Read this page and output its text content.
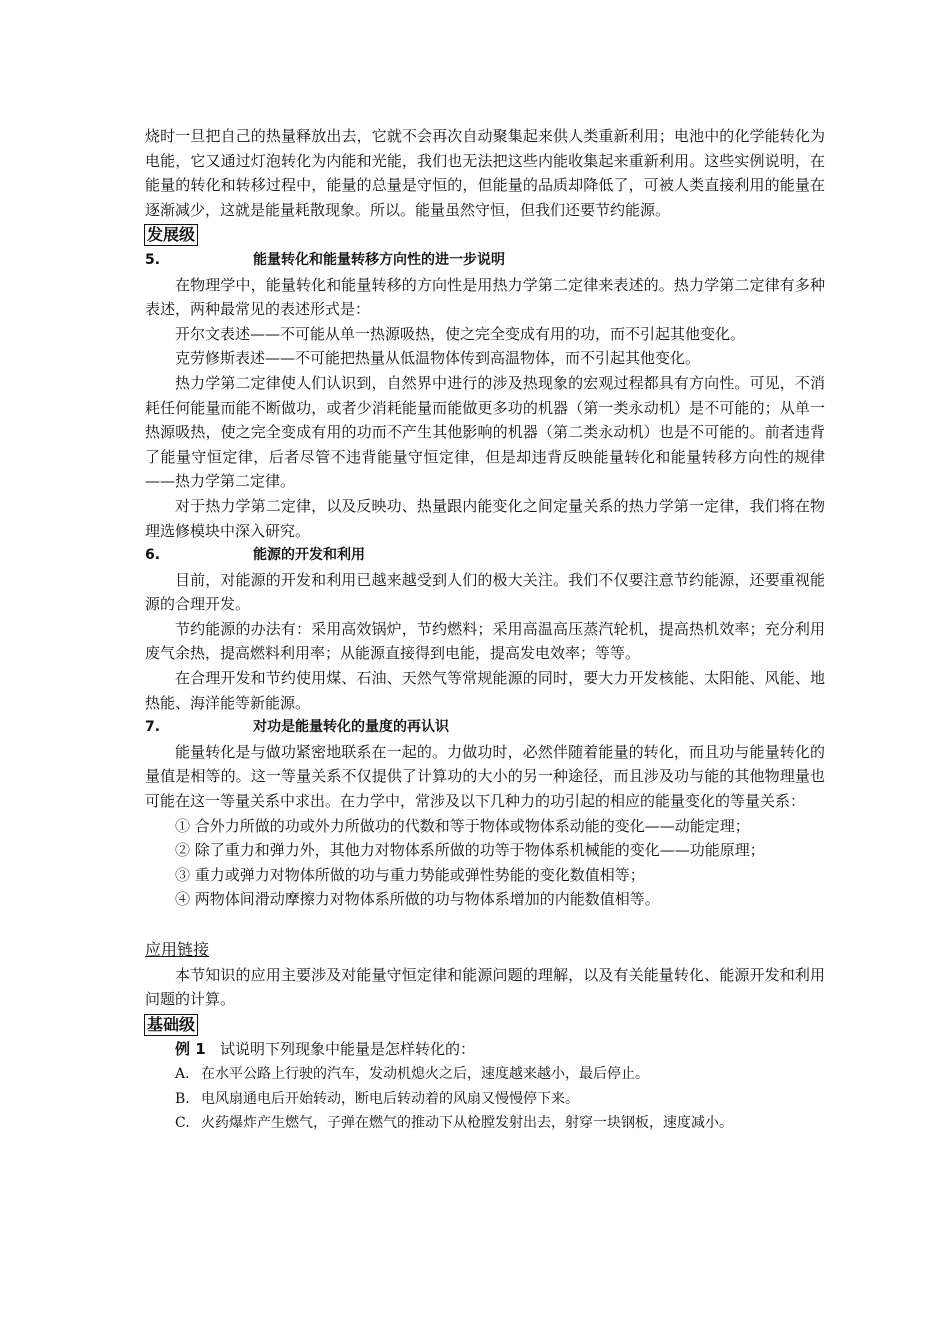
烧时一旦把自己的热量释放出去，它就不会再次自动聚集起来供人类重新利用；电池中的化学能转化为电能，它又通过灯泡转化为内能和光能，我们也无法把这些内能收集起来重新利用。这些实例说明，在能量的转化和转移过程中，能量的总量是守恒的，但能量的品质却降低了，可被人类直接利用的能量在逐渐减少，这就是能量耗散现象。所以。能量虽然守恒，但我们还要节约能源。

发展级
5.	能量转化和能量转移方向性的进一步说明

在物理学中，能量转化和能量转移的方向性是用热力学第二定律来表述的。热力学第二定律有多种表述，两种最常见的表述形式是：

开尔文表述——不可能从单一热源吸热，使之完全变成有用的功，而不引起其他变化。

克劳修斯表述——不可能把热量从低温物体传到高温物体，而不引起其他变化。

热力学第二定律使人们认识到，自然界中进行的涉及热现象的宏观过程都具有方向性。可见，不消耗任何能量而能不断做功，或者少消耗能量而能做更多功的机器（第一类永动机）是不可能的；从单一热源吸热，使之完全变成有用的功而不产生其他影响的机器（第二类永动机）也是不可能的。前者违背了能量守恒定律，后者尽管不违背能量守恒定律，但是却违背反映能量转化和能量转移方向性的规律——热力学第二定律。

对于热力学第二定律，以及反映功、热量跟内能变化之间定量关系的热力学第一定律，我们将在物理选修模块中深入研究。

6.	能源的开发和利用

目前，对能源的开发和利用已越来越受到人们的极大关注。我们不仅要注意节约能源，还要重视能源的合理开发。

节约能源的办法有：采用高效锅炉，节约燃料；采用高温高压蒸汽轮机，提高热机效率；充分利用废气余热，提高燃料利用率；从能源直接得到电能，提高发电效率；等等。

在合理开发和节约使用煤、石油、天然气等常规能源的同时，要大力开发核能、太阳能、风能、地热能、海洋能等新能源。

7.	对功是能量转化的量度的再认识

能量转化是与做功紧密地联系在一起的。力做功时，必然伴随着能量的转化，而且功与能量转化的量值是相等的。这一等量关系不仅提供了计算功的大小的另一种途径，而且涉及功与能的其他物理量也可能在这一等量关系中求出。在力学中，常涉及以下几种力的功引起的相应的能量变化的等量关系：

① 合外力所做的功或外力所做功的代数和等于物体或物体系动能的变化——动能定理；

② 除了重力和弹力外，其他力对物体系所做的功等于物体系机械能的变化——功能原理；

③ 重力或弹力对物体所做的功与重力势能或弹性势能的变化数值相等；

④ 两物体间滑动摩擦力对物体系所做的功与物体系增加的内能数值相等。

应用链接

本节知识的应用主要涉及对能量守恒定律和能源问题的理解，以及有关能量转化、能源开发和利用问题的计算。

基础级

例 1 试说明下列现象中能量是怎样转化的：

A. 在水平公路上行驶的汽车，发动机熄火之后，速度越来越小，最后停止。

B. 电风扇通电后开始转动，断电后转动着的风扇又慢慢停下来。

C. 火药爆炸产生燃气，子弹在燃气的推动下从枪膛发射出去，射穿一块钢板，速度减小。
